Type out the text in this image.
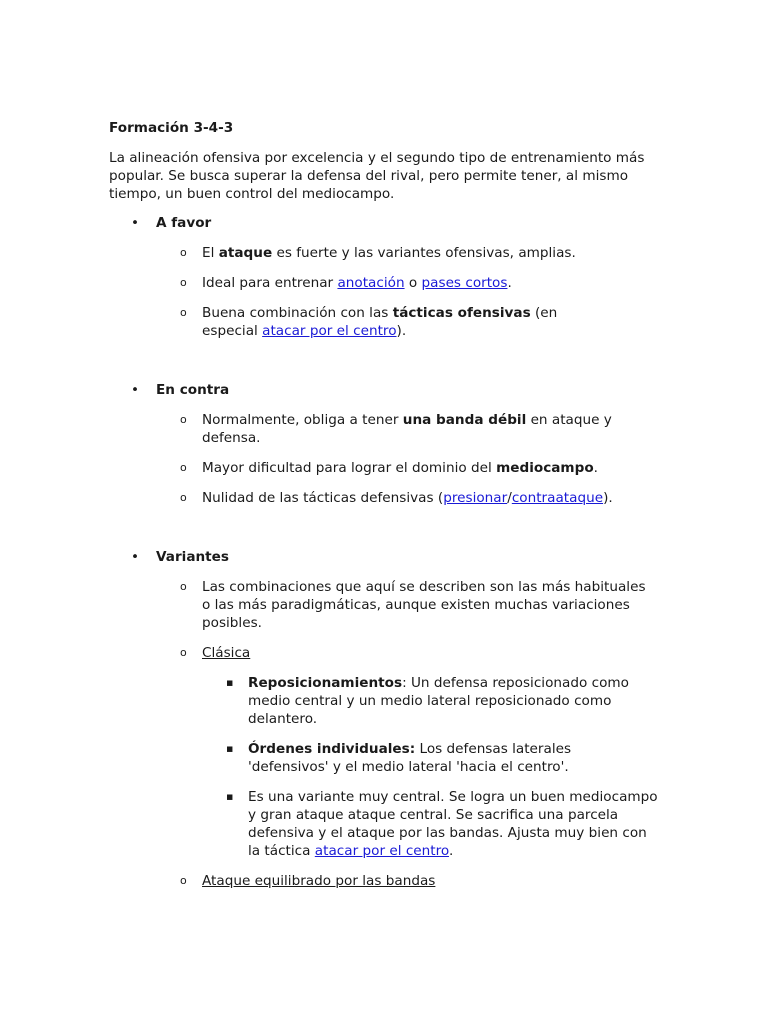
Formación 3-4-3

La alineación ofensiva por excelencia y el segundo tipo de entrenamiento más popular. Se busca superar la defensa del rival, pero permite tener, al mismo tiempo, un buen control del mediocampo.

• A favor
o El ataque es fuerte y las variantes ofensivas, amplias.
o Ideal para entrenar anotación o pases cortos.
o Buena combinación con las tácticas ofensivas (en especial atacar por el centro).
• En contra
o Normalmente, obliga a tener una banda débil en ataque y defensa.
o Mayor dificultad para lograr el dominio del mediocampo.
o Nulidad de las tácticas defensivas (presionar/contraataque).
• Variantes
o Las combinaciones que aquí se describen son las más habituales o las más paradigmáticas, aunque existen muchas variaciones posibles.
o Clásica
▪ Reposicionamientos: Un defensa reposicionado como medio central y un medio lateral reposicionado como delantero.
▪ Órdenes individuales: Los defensas laterales 'defensivos' y el medio lateral 'hacia el centro'.
▪ Es una variante muy central. Se logra un buen mediocampo y gran ataque ataque central. Se sacrifica una parcela defensiva y el ataque por las bandas. Ajusta muy bien con la táctica atacar por el centro.
o Ataque equilibrado por las bandas
